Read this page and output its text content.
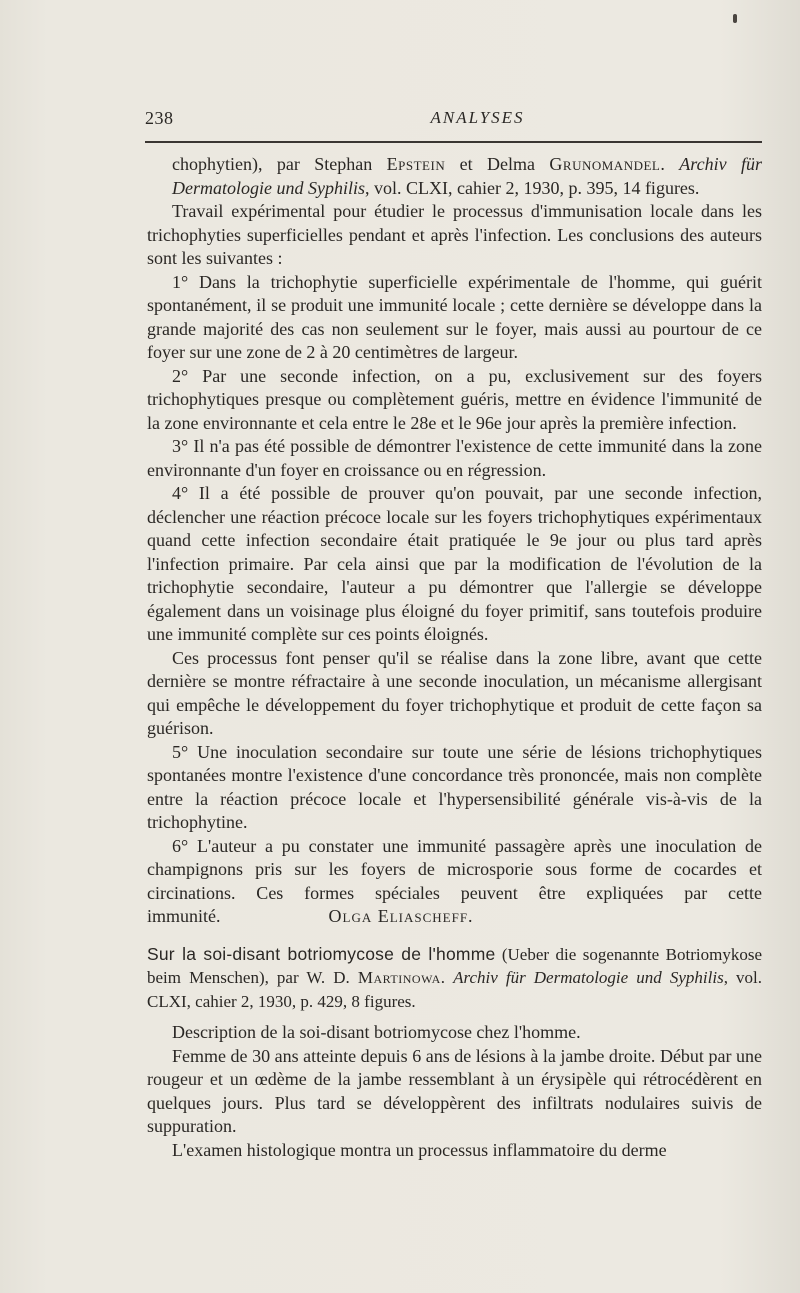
238	ANALYSES

chophytien), par Stephan Epstein et Delma Grunomandel. Archiv für Dermatologie und Syphilis, vol. CLXI, cahier 2, 1930, p. 395, 14 figures.

Travail expérimental pour étudier le processus d'immunisation locale dans les trichophyties superficielles pendant et après l'infection. Les conclusions des auteurs sont les suivantes :

1° Dans la trichophytie superficielle expérimentale de l'homme, qui guérit spontanément, il se produit une immunité locale ; cette dernière se développe dans la grande majorité des cas non seulement sur le foyer, mais aussi au pourtour de ce foyer sur une zone de 2 à 20 centimètres de largeur.

2° Par une seconde infection, on a pu, exclusivement sur des foyers trichophytiques presque ou complètement guéris, mettre en évidence l'immunité de la zone environnante et cela entre le 28e et le 96e jour après la première infection.

3° Il n'a pas été possible de démontrer l'existence de cette immunité dans la zone environnante d'un foyer en croissance ou en régression.

4° Il a été possible de prouver qu'on pouvait, par une seconde infection, déclencher une réaction précoce locale sur les foyers trichophytiques expérimentaux quand cette infection secondaire était pratiquée le 9e jour ou plus tard après l'infection primaire. Par cela ainsi que par la modification de l'évolution de la trichophytie secondaire, l'auteur a pu démontrer que l'allergie se développe également dans un voisinage plus éloigné du foyer primitif, sans toutefois produire une immunité complète sur ces points éloignés.

Ces processus font penser qu'il se réalise dans la zone libre, avant que cette dernière se montre réfractaire à une seconde inoculation, un mécanisme allergisant qui empêche le développement du foyer trichophytique et produit de cette façon sa guérison.

5° Une inoculation secondaire sur toute une série de lésions trichophytiques spontanées montre l'existence d'une concordance très prononcée, mais non complète entre la réaction précoce locale et l'hypersensibilité générale vis-à-vis de la trichophytine.

6° L'auteur a pu constater une immunité passagère après une inoculation de champignons pris sur les foyers de microsporie sous forme de cocardes et circinations. Ces formes spéciales peuvent être expliquées par cette immunité.      	Olga Eliascheff.

Sur la soi-disant botriomycose de l'homme (Ueber die sogenannte Botriomykose beim Menschen), par W. D. Martinowa. Archiv für Dermatologie und Syphilis, vol. CLXI, cahier 2, 1930, p. 429, 8 figures.

Description de la soi-disant botriomycose chez l'homme.

Femme de 30 ans atteinte depuis 6 ans de lésions à la jambe droite. Début par une rougeur et un œdème de la jambe ressemblant à un érysipèle qui rétrocédèrent en quelques jours. Plus tard se développèrent des infiltrats nodulaires suivis de suppuration.

L'examen histologique montra un processus inflammatoire du derme
